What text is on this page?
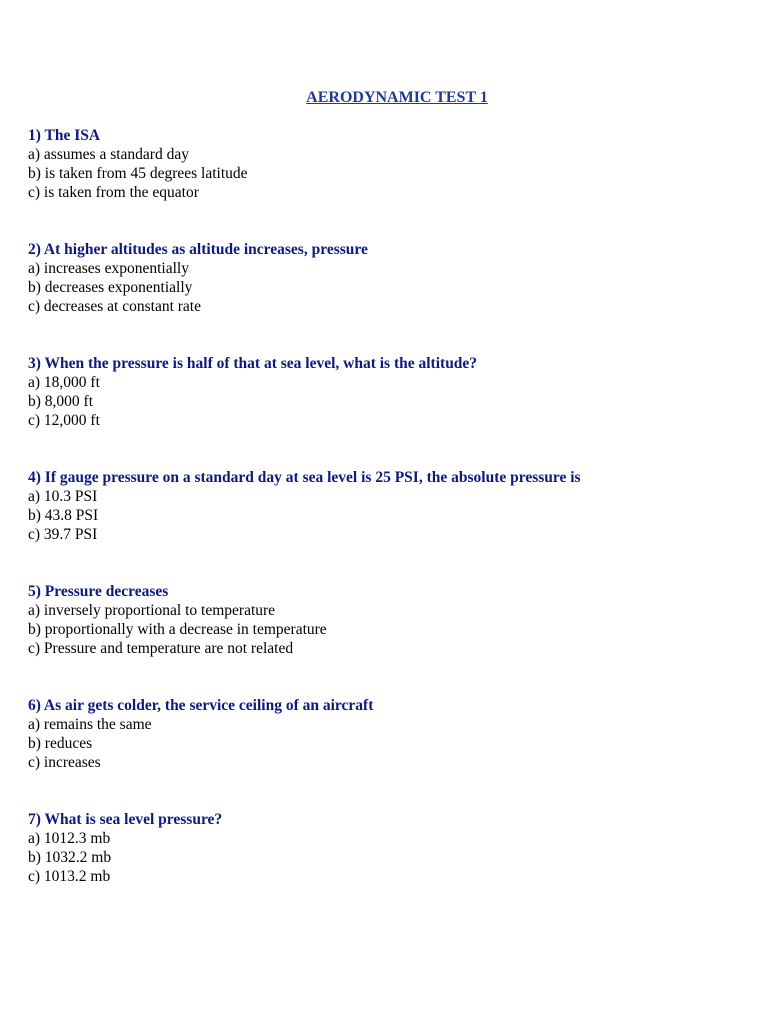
AERODYNAMIC TEST 1
1) The ISA
a) assumes a standard day
b) is taken from 45 degrees latitude
c) is taken from the equator
2) At higher altitudes as altitude increases, pressure
a) increases exponentially
b) decreases exponentially
c) decreases at constant rate
3) When the pressure is half of that at sea level, what is the altitude?
a) 18,000 ft
b) 8,000 ft
c) 12,000 ft
4) If gauge pressure on a standard day at sea level is 25 PSI, the absolute pressure is
a) 10.3 PSI
b) 43.8 PSI
c) 39.7 PSI
5) Pressure decreases
a) inversely proportional to temperature
b) proportionally with a decrease in temperature
c) Pressure and temperature are not related
6) As air gets colder, the service ceiling of an aircraft
a) remains the same
b) reduces
c) increases
7) What is sea level pressure?
a) 1012.3 mb
b) 1032.2 mb
c) 1013.2 mb
